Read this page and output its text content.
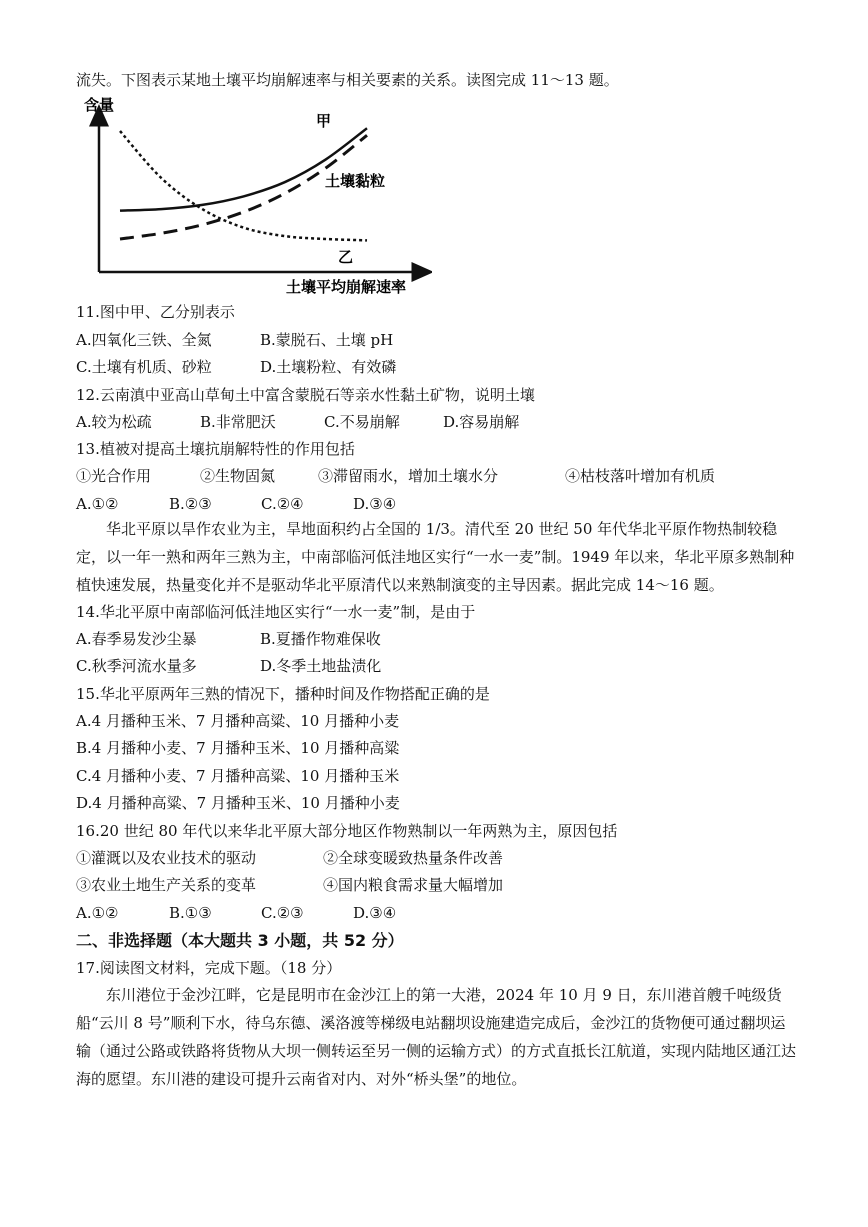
流失。下图表示某地土壤平均崩解速率与相关要素的关系。读图完成 11～13 题。
含量
土壤平均崩解速率
甲
土壤黏粒
乙
11.图中甲、乙分别表示
A.四氧化三铁、全氮	B.蒙脱石、土壤 pH
C.土壤有机质、砂粒	D.土壤粉粒、有效磷
12.云南滇中亚高山草甸土中富含蒙脱石等亲水性黏土矿物，说明土壤
A.较为松疏	B.非常肥沃	C.不易崩解	D.容易崩解
13.植被对提高土壤抗崩解特性的作用包括
①光合作用	②生物固氮	③滞留雨水，增加土壤水分	④枯枝落叶增加有机质
A.①②	B.②③	C.②④	D.③④
华北平原以旱作农业为主，旱地面积约占全国的 1/3。清代至 20 世纪 50 年代华北平原作物热制较稳定，以一年一熟和两年三熟为主，中南部临河低洼地区实行“一水一麦”制。1949 年以来，华北平原多熟制种植快速发展，热量变化并不是驱动华北平原清代以来熟制演变的主导因素。据此完成 14～16 题。
14.华北平原中南部临河低洼地区实行“一水一麦”制，是由于
A.春季易发沙尘暴	B.夏播作物难保收
C.秋季河流水量多	D.冬季土地盐渍化
15.华北平原两年三熟的情况下，播种时间及作物搭配正确的是
A.4 月播种玉米、7 月播种高粱、10 月播种小麦
B.4 月播种小麦、7 月播种玉米、10 月播种高粱
C.4 月播种小麦、7 月播种高粱、10 月播种玉米
D.4 月播种高粱、7 月播种玉米、10 月播种小麦
16.20 世纪 80 年代以来华北平原大部分地区作物熟制以一年两熟为主，原因包括
①灌溉以及农业技术的驱动	②全球变暖致热量条件改善
③农业土地生产关系的变革	④国内粮食需求量大幅增加
A.①②	B.①③	C.②③	D.③④
二、非选择题（本大题共 3 小题，共 52 分）
17.阅读图文材料，完成下题。（18 分）
东川港位于金沙江畔，它是昆明市在金沙江上的第一大港，2024 年 10 月 9 日，东川港首艘千吨级货船“云川 8 号”顺利下水，待乌东德、溪洛渡等梯级电站翻坝设施建造完成后，金沙江的货物便可通过翻坝运输（通过公路或铁路将货物从大坝一侧转运至另一侧的运输方式）的方式直抵长江航道，实现内陆地区通江达海的愿望。东川港的建设可提升云南省对内、对外“桥头堡”的地位。
